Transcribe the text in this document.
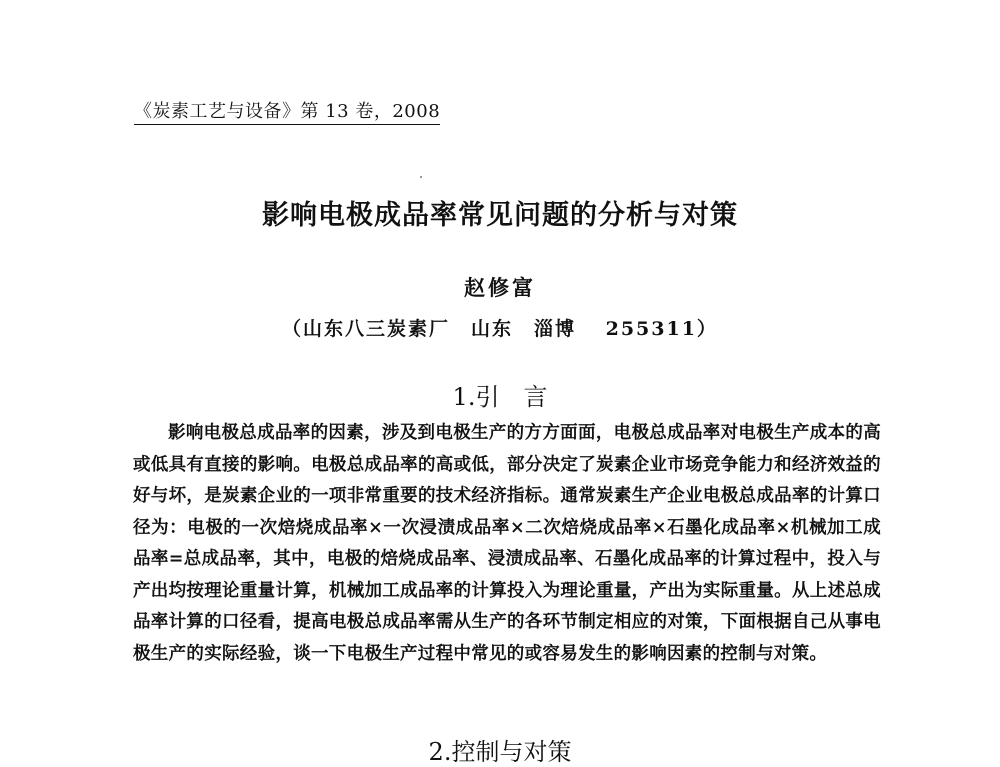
《炭素工艺与设备》第 13 卷，2008
影响电极成品率常见问题的分析与对策
赵修富
（山东八三炭素厂　山东　淄博　 255311）
1.引　言

影响电极总成品率的因素，涉及到电极生产的方方面面，电极总成品率对电极生产成本的高或低具有直接的影响。电极总成品率的高或低，部分决定了炭素企业市场竞争能力和经济效益的好与坏，是炭素企业的一项非常重要的技术经济指标。通常炭素生产企业电极总成品率的计算口径为：电极的一次焙烧成品率×一次浸渍成品率×二次焙烧成品率×石墨化成品率×机械加工成品率=总成品率，其中，电极的焙烧成品率、浸渍成品率、石墨化成品率的计算过程中，投入与产出均按理论重量计算，机械加工成品率的计算投入为理论重量，产出为实际重量。从上述总成品率计算的口径看，提高电极总成品率需从生产的各环节制定相应的对策，下面根据自己从事电极生产的实际经验，谈一下电极生产过程中常见的或容易发生的影响因素的控制与对策。

2.控制与对策
